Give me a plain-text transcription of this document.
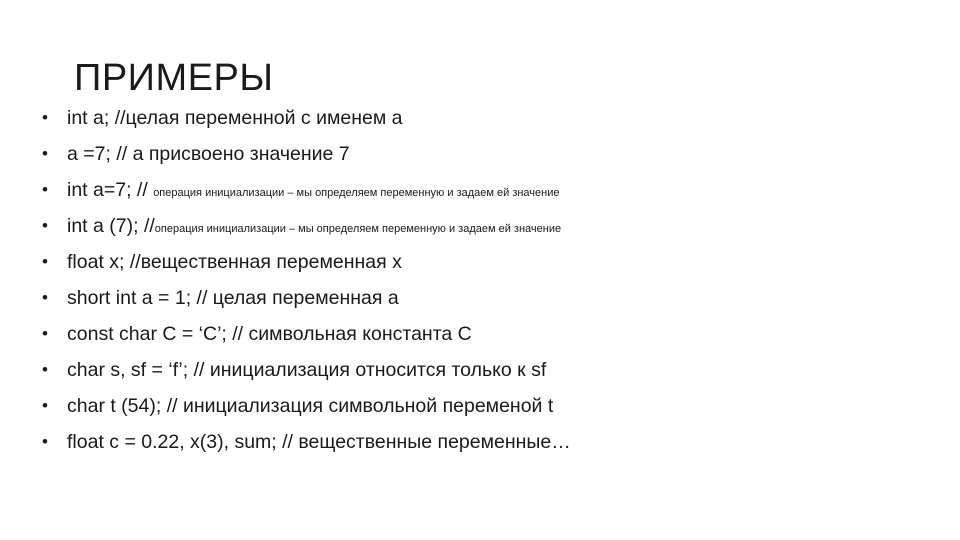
ПРИМЕРЫ
• int a; //целая переменной с именем а
• a =7; // а присвоено значение 7
• int a=7; // операция инициализации – мы определяем переменную и задаем ей значение
• int a (7); //операция инициализации – мы определяем переменную и задаем ей значение
• float x; //вещественная переменная x
• short int a = 1; // целая переменная а
• const char C = ‘C’; // символьная константа С
• char s, sf = ‘f’; // инициализация относится только к sf
• char t (54); // инициализация символьной переменой t
• float c = 0.22, x(3), sum; // вещественные переменные…
